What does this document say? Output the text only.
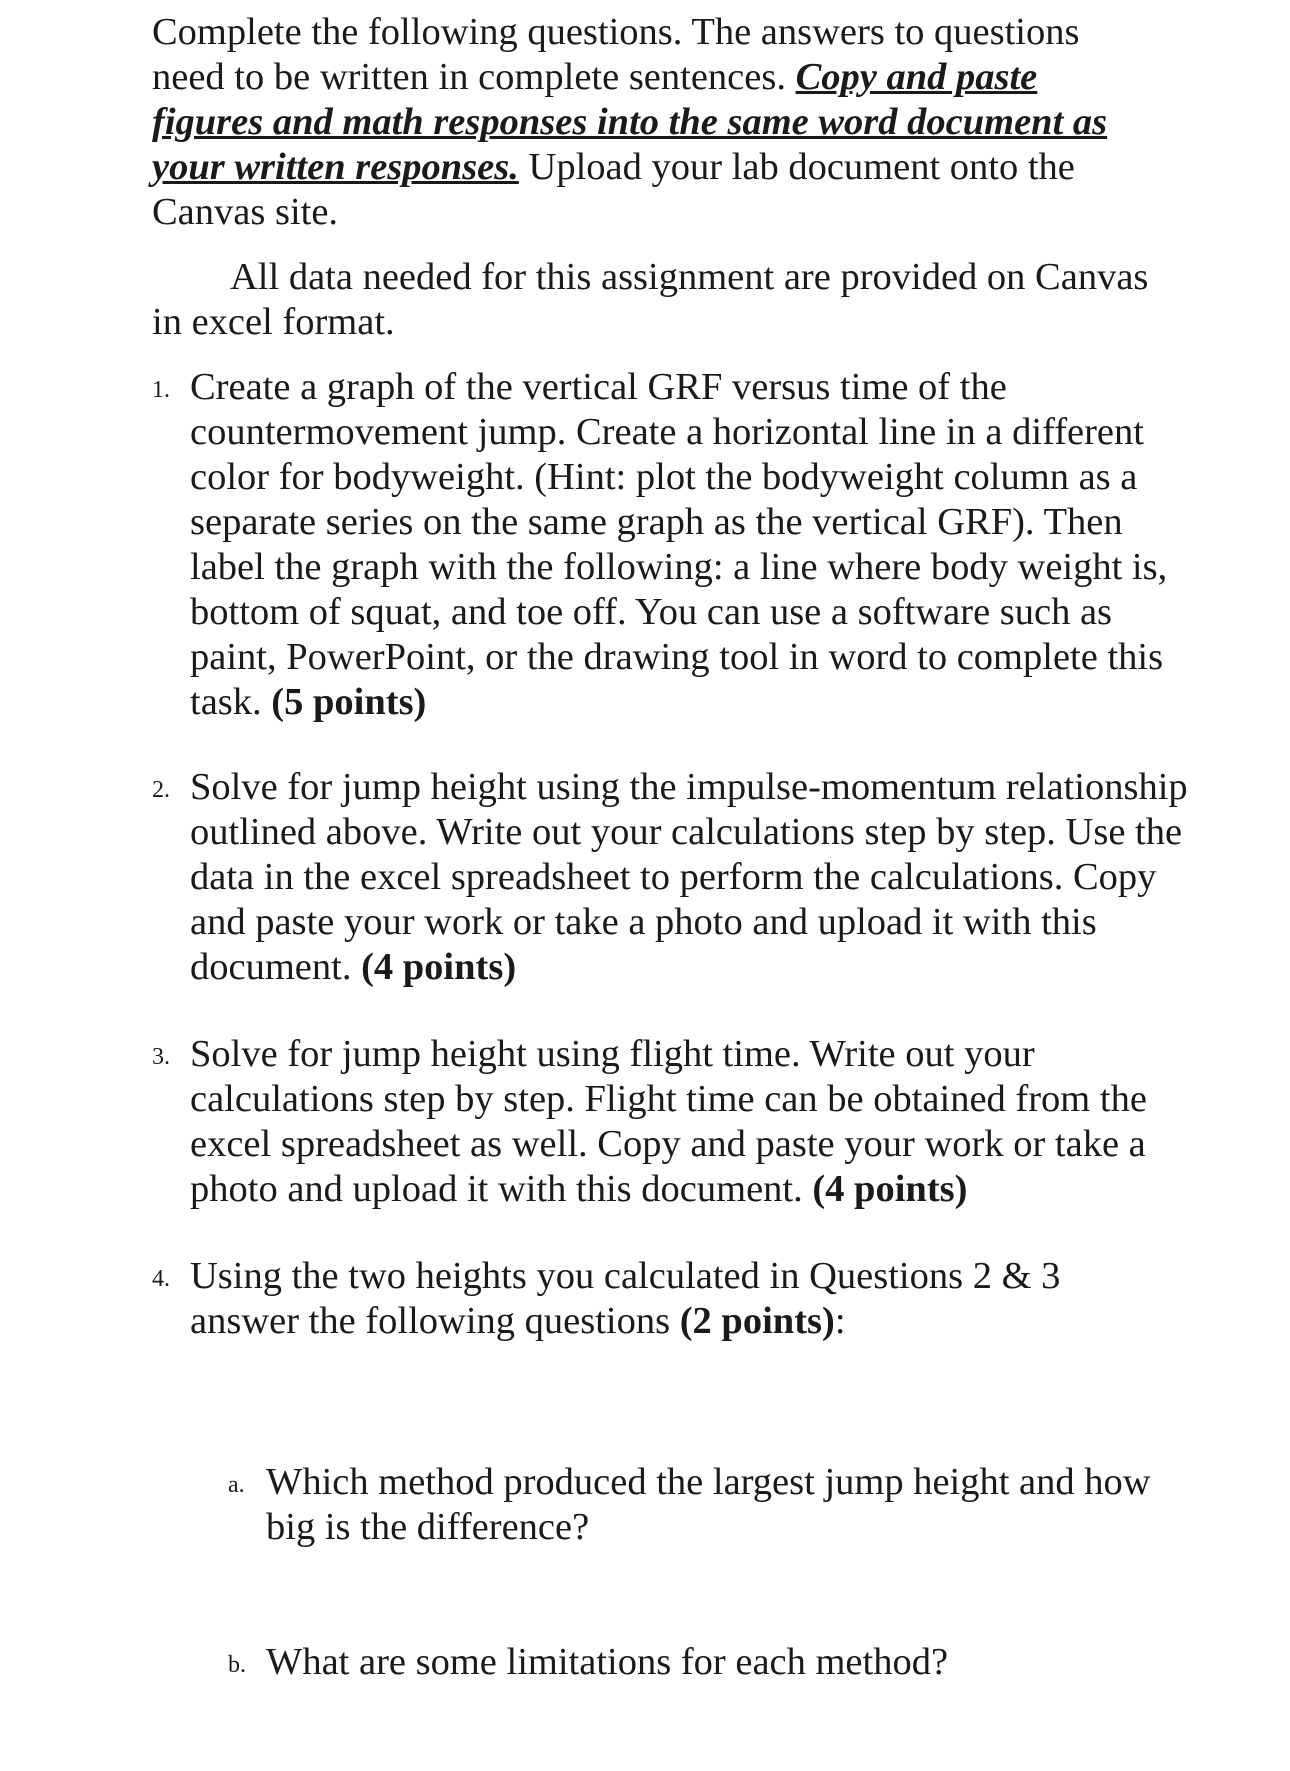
Complete the following questions. The answers to questions need to be written in complete sentences. Copy and paste figures and math responses into the same word document as your written responses. Upload your lab document onto the Canvas site.

All data needed for this assignment are provided on Canvas in excel format.

1. Create a graph of the vertical GRF versus time of the countermovement jump. Create a horizontal line in a different color for bodyweight. (Hint: plot the bodyweight column as a separate series on the same graph as the vertical GRF). Then label the graph with the following: a line where body weight is, bottom of squat, and toe off. You can use a software such as paint, PowerPoint, or the drawing tool in word to complete this task. (5 points)
2. Solve for jump height using the impulse-momentum relationship outlined above. Write out your calculations step by step. Use the data in the excel spreadsheet to perform the calculations. Copy and paste your work or take a photo and upload it with this document. (4 points)
3. Solve for jump height using flight time. Write out your calculations step by step. Flight time can be obtained from the excel spreadsheet as well. Copy and paste your work or take a photo and upload it with this document. (4 points)
4. Using the two heights you calculated in Questions 2 & 3 answer the following questions (2 points):
a. Which method produced the largest jump height and how big is the difference?
b. What are some limitations for each method?
